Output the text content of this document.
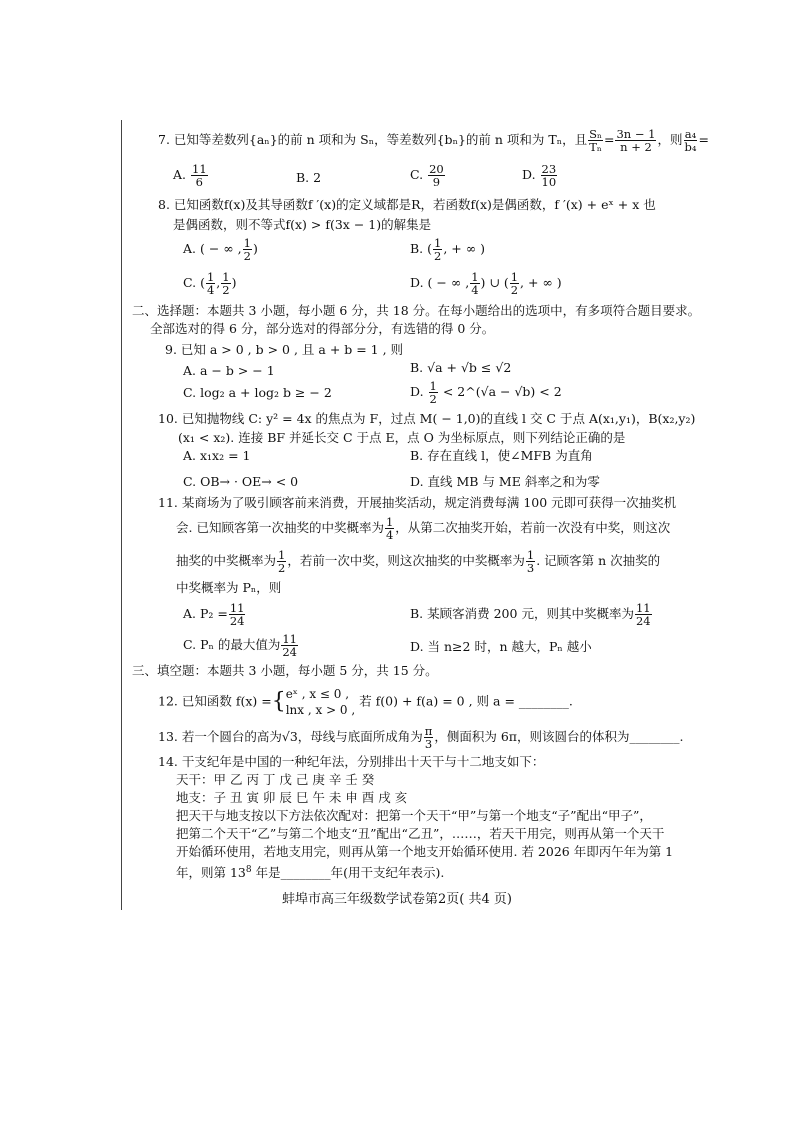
7. 已知等差数列{aₙ}的前 n 项和为 Sₙ，等差数列{bₙ}的前 n 项和为 Tₙ，且 $\frac{\text{Sₙ}}{\text{Tₙ}} = \frac{3n - 1}{n + 2}$ ，则 $\frac{\text{a₄}}{\text{b₄}}$ =
A. $\frac{11}{6}$	B. 2	C. $\frac{20}{9}$	D. $\frac{23}{10}$
8. 已知函数f(x)及其导函数f ′(x)的定义域都是R，若函数f(x)是偶函数，f ′(x) + eˣ + x 也
是偶函数，则不等式f(x) > f(3x − 1)的解集是
A. ( − ∞ , $\frac{1}{2}$ )	B. ( $\frac{1}{2}$ , + ∞ )
C. ( $\frac{1}{4}$ , $\frac{1}{2}$ )	D. ( − ∞ , $\frac{1}{4}$ ) ∪ ( $\frac{1}{2}$ , + ∞ )
二、选择题：本题共 3 小题，每小题 6 分，共 18 分。在每小题给出的选项中，有多项符合题目要求。
全部选对的得 6 分，部分选对的得部分分，有选错的得 0 分。
9. 已知 a > 0 , b > 0 , 且 a + b = 1 , 则
A. a − b > − 1	B. √a + √b ≤ √2
C. log₂ a + log₂ b ≥ − 2	D. $\frac{1}{2}$ < 2^(√a − √b) < 2
10. 已知抛物线 C: y² = 4x 的焦点为 F，过点 M( − 1,0)的直线 l 交 C 于点 A(x₁,y₁)，B(x₂,y₂)
(x₁ < x₂). 连接 BF 并延长交 C 于点 E，点 O 为坐标原点，则下列结论正确的是
A. x₁x₂ = 1	B. 存在直线 l，使∠MFB 为直角
C. OB→ · OE→ < 0	D. 直线 MB 与 ME 斜率之和为零
11. 某商场为了吸引顾客前来消费，开展抽奖活动，规定消费每满 100 元即可获得一次抽奖机
会. 已知顾客第一次抽奖的中奖概率为 $\frac{1}{4}$ ，从第二次抽奖开始，若前一次没有中奖，则这次
抽奖的中奖概率为 $\frac{1}{2}$ ，若前一次中奖，则这次抽奖的中奖概率为 $\frac{1}{3}$ . 记顾客第 n 次抽奖的
中奖概率为 Pₙ，则
A. $P_2 = \frac{11}{24}$	B. 某顾客消费 200 元，则其中奖概率为 $\frac{11}{24}$
C. Pₙ 的最大值为 $\frac{11}{24}$	D. 当 n≥2 时，n 越大，Pₙ 越小
三、填空题：本题共 3 小题，每小题 5 分，共 15 分。
12. 已知函数 f(x) ={ eˣ , x ≤ 0 ,
lnx , x > 0 ,
若 f(0) + f(a) = 0 , 则 a = ________.
13. 若一个圆台的高为√3，母线与底面所成角为 $\frac{\pi}{3}$ ，侧面积为 6π，则该圆台的体积为________.
14. 干支纪年是中国的一种纪年法，分别排出十天干与十二地支如下：
天干：甲 乙 丙 丁 戊 己 庚 辛 壬 癸
地支：子 丑 寅 卯 辰 巳 午 未 申 酉 戌 亥
把天干与地支按以下方法依次配对：把第一个天干“甲”与第一个地支“子”配出“甲子”，
把第二个天干“乙”与第二个地支“丑”配出“乙丑”，……，若天干用完，则再从第一个天干
开始循环使用，若地支用完，则再从第一个地支开始循环使用. 若 2026 年即丙午年为第 1
年，则第 $13^8$ 年是________年(用干支纪年表示).
蚌埠市高三年级数学试卷第2页( 共4 页)
